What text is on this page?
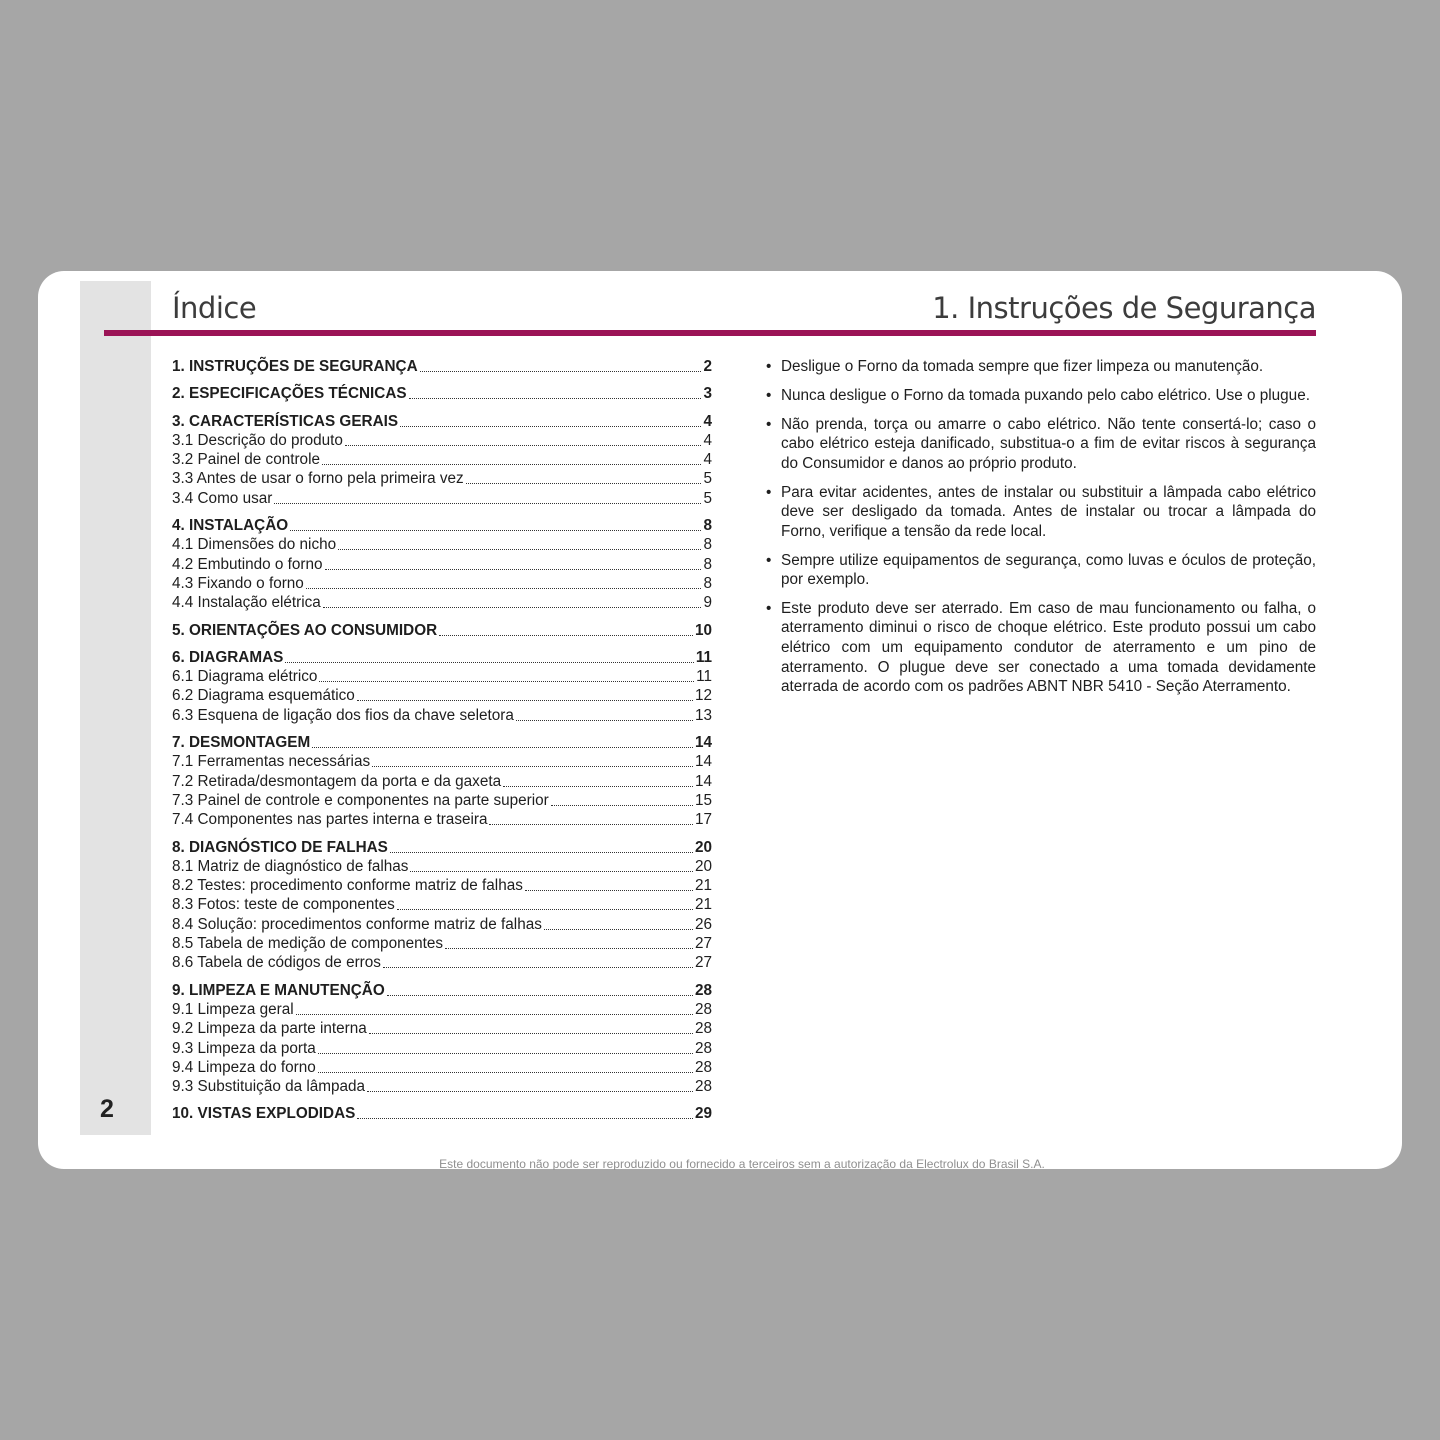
2
Índice	1. Instruções de Segurança
1. INSTRUÇÕES DE SEGURANÇA	2
2. ESPECIFICAÇÕES TÉCNICAS	3
3. CARACTERÍSTICAS GERAIS	4
3.1 Descrição do produto	4
3.2 Painel de controle	4
3.3 Antes de usar o forno pela primeira vez	5
3.4 Como usar	5
4. INSTALAÇÃO	8
4.1 Dimensões do nicho	8
4.2 Embutindo o forno	8
4.3 Fixando o forno	8
4.4 Instalação elétrica	9
5. ORIENTAÇÕES AO CONSUMIDOR	10
6. DIAGRAMAS	11
6.1 Diagrama elétrico	11
6.2 Diagrama esquemático	12
6.3 Esquena de ligação dos fios da chave seletora	13
7. DESMONTAGEM	14
7.1 Ferramentas necessárias	14
7.2 Retirada/desmontagem da porta e da gaxeta	14
7.3 Painel de controle e componentes na parte superior	15
7.4 Componentes nas partes interna e traseira	17
8. DIAGNÓSTICO DE FALHAS	20
8.1 Matriz de diagnóstico de falhas	20
8.2 Testes: procedimento conforme matriz de falhas	21
8.3 Fotos: teste de componentes	21
8.4 Solução: procedimentos conforme matriz de falhas	26
8.5 Tabela de medição de componentes	27
8.6 Tabela de códigos de erros	27
9. LIMPEZA E MANUTENÇÃO	28
9.1 Limpeza geral	28
9.2 Limpeza da parte interna	28
9.3 Limpeza da porta	28
9.4 Limpeza do forno	28
9.3 Substituição da lâmpada	28
10. VISTAS EXPLODIDAS	29
• Desligue o Forno da tomada sempre que fizer limpeza ou manutenção.
• Nunca desligue o Forno da tomada puxando pelo cabo elétrico. Use o plugue.
• Não prenda, torça ou amarre o cabo elétrico. Não tente consertá-lo; caso o cabo elétrico esteja danificado, substitua-o a fim de evitar riscos à segurança do Consumidor e danos ao próprio produto.
• Para evitar acidentes, antes de instalar ou substituir a lâmpada cabo elétrico deve ser desligado da tomada. Antes de instalar ou trocar a lâmpada do Forno, verifique a tensão da rede local.
• Sempre utilize equipamentos de segurança, como luvas e óculos de proteção, por exemplo.
• Este produto deve ser aterrado. Em caso de mau funcionamento ou falha, o aterramento diminui o risco de choque elétrico. Este produto possui um cabo elétrico com um equipamento condutor de aterramento e um pino de aterramento. O plugue deve ser conectado a uma tomada devidamente aterrada de acordo com os padrões ABNT NBR 5410 - Seção Aterramento.
Este documento não pode ser reproduzido ou fornecido a terceiros sem a autorização da Electrolux do Brasil S.A.
